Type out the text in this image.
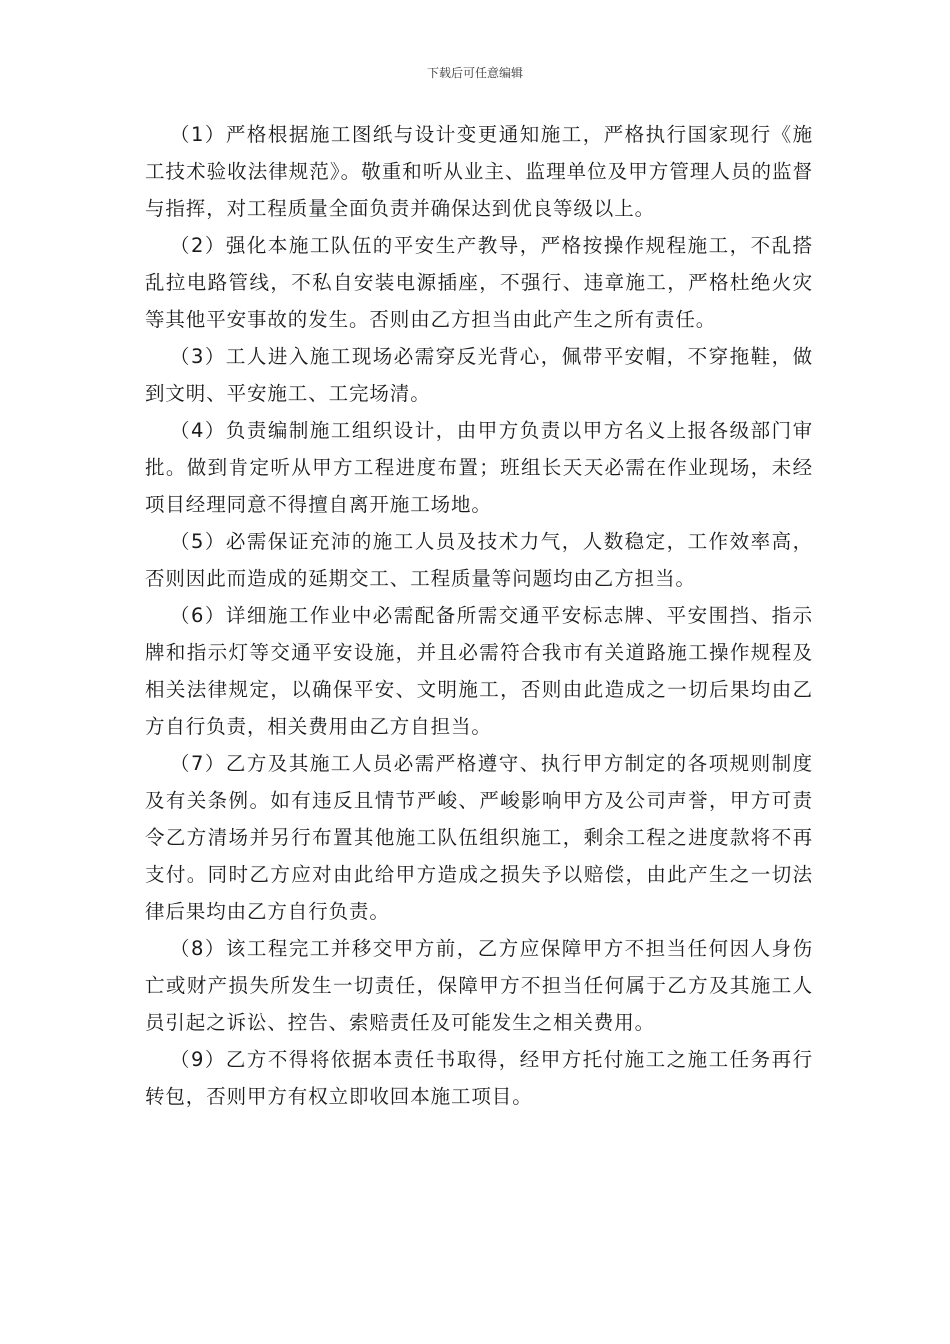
下载后可任意编辑

（1）严格根据施工图纸与设计变更通知施工，严格执行国家现行《施工技术验收法律规范》。敬重和听从业主、监理单位及甲方管理人员的监督与指挥，对工程质量全面负责并确保达到优良等级以上。

（2）强化本施工队伍的平安生产教导，严格按操作规程施工，不乱搭乱拉电路管线，不私自安装电源插座，不强行、违章施工，严格杜绝火灾等其他平安事故的发生。否则由乙方担当由此产生之所有责任。

（3）工人进入施工现场必需穿反光背心，佩带平安帽，不穿拖鞋，做到文明、平安施工、工完场清。

（4）负责编制施工组织设计，由甲方负责以甲方名义上报各级部门审批。做到肯定听从甲方工程进度布置；班组长天天必需在作业现场，未经项目经理同意不得擅自离开施工场地。

（5）必需保证充沛的施工人员及技术力气，人数稳定，工作效率高，否则因此而造成的延期交工、工程质量等问题均由乙方担当。

（6）详细施工作业中必需配备所需交通平安标志牌、平安围挡、指示牌和指示灯等交通平安设施，并且必需符合我市有关道路施工操作规程及相关法律规定，以确保平安、文明施工，否则由此造成之一切后果均由乙方自行负责，相关费用由乙方自担当。

（7）乙方及其施工人员必需严格遵守、执行甲方制定的各项规则制度及有关条例。如有违反且情节严峻、严峻影响甲方及公司声誉，甲方可责令乙方清场并另行布置其他施工队伍组织施工，剩余工程之进度款将不再支付。同时乙方应对由此给甲方造成之损失予以赔偿，由此产生之一切法律后果均由乙方自行负责。

（8）该工程完工并移交甲方前，乙方应保障甲方不担当任何因人身伤亡或财产损失所发生一切责任，保障甲方不担当任何属于乙方及其施工人员引起之诉讼、控告、索赔责任及可能发生之相关费用。

（9）乙方不得将依据本责任书取得，经甲方托付施工之施工任务再行转包，否则甲方有权立即收回本施工项目。
